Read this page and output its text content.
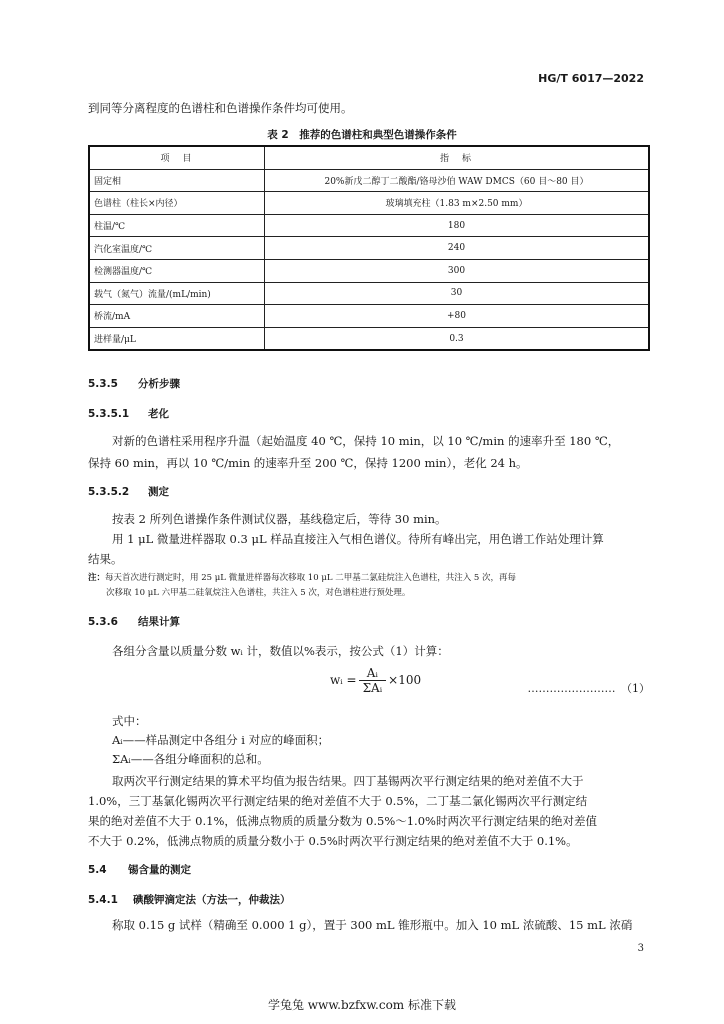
HG/T 6017—2022
到同等分离程度的色谱柱和色谱操作条件均可使用。
表 2　推荐的色谱柱和典型色谱操作条件
项　目	指　标
固定相	20%新戊二醇丁二酸酯/铬母沙伯 WAW DMCS（60 目～80 目）
色谱柱（柱长×内径）	玻璃填充柱（1.83 m×2.50 mm）
柱温/℃	180
汽化室温度/℃	240
检测器温度/℃	300
载气（氮气）流量/(mL/min)	30
桥流/mA	+80
进样量/μL	0.3
5.3.5 分析步骤
5.3.5.1 老化
对新的色谱柱采用程序升温（起始温度 40 ℃，保持 10 min，以 10 ℃/min 的速率升至 180 ℃，
保持 60 min，再以 10 ℃/min 的速率升至 200 ℃，保持 1200 min），老化 24 h。
5.3.5.2 测定
按表 2 所列色谱操作条件测试仪器，基线稳定后，等待 30 min。
用 1 μL 微量进样器取 0.3 μL 样品直接注入气相色谱仪。待所有峰出完，用色谱工作站处理计算
结果。
注：每天首次进行测定时，用 25 μL 微量进样器每次移取 10 μL 二甲基二氯硅烷注入色谱柱，共注入 5 次，再每
次移取 10 μL 六甲基二硅氧烷注入色谱柱，共注入 5 次，对色谱柱进行预处理。
5.3.6 结果计算
各组分含量以质量分数 wᵢ 计，数值以%表示，按公式（1）计算：
wᵢ = $\frac{\text{Aᵢ}}{\text{ΣAᵢ}} \times 100$
……………………　（1）
式中：
Aᵢ——样品测定中各组分 i 对应的峰面积；
ΣAᵢ——各组分峰面积的总和。
取两次平行测定结果的算术平均值为报告结果。四丁基锡两次平行测定结果的绝对差值不大于
1.0%，三丁基氯化锡两次平行测定结果的绝对差值不大于 0.5%，二丁基二氯化锡两次平行测定结
果的绝对差值不大于 0.1%，低沸点物质的质量分数为 0.5%～1.0%时两次平行测定结果的绝对差值
不大于 0.2%，低沸点物质的质量分数小于 0.5%时两次平行测定结果的绝对差值不大于 0.1%。
5.4 锡含量的测定
5.4.1 碘酸钾滴定法（方法一，仲裁法）
称取 0.15 g 试样（精确至 0.000 1 g），置于 300 mL 锥形瓶中。加入 10 mL 浓硫酸、15 mL 浓硝
3
学兔兔 www.bzfxw.com 标准下载
